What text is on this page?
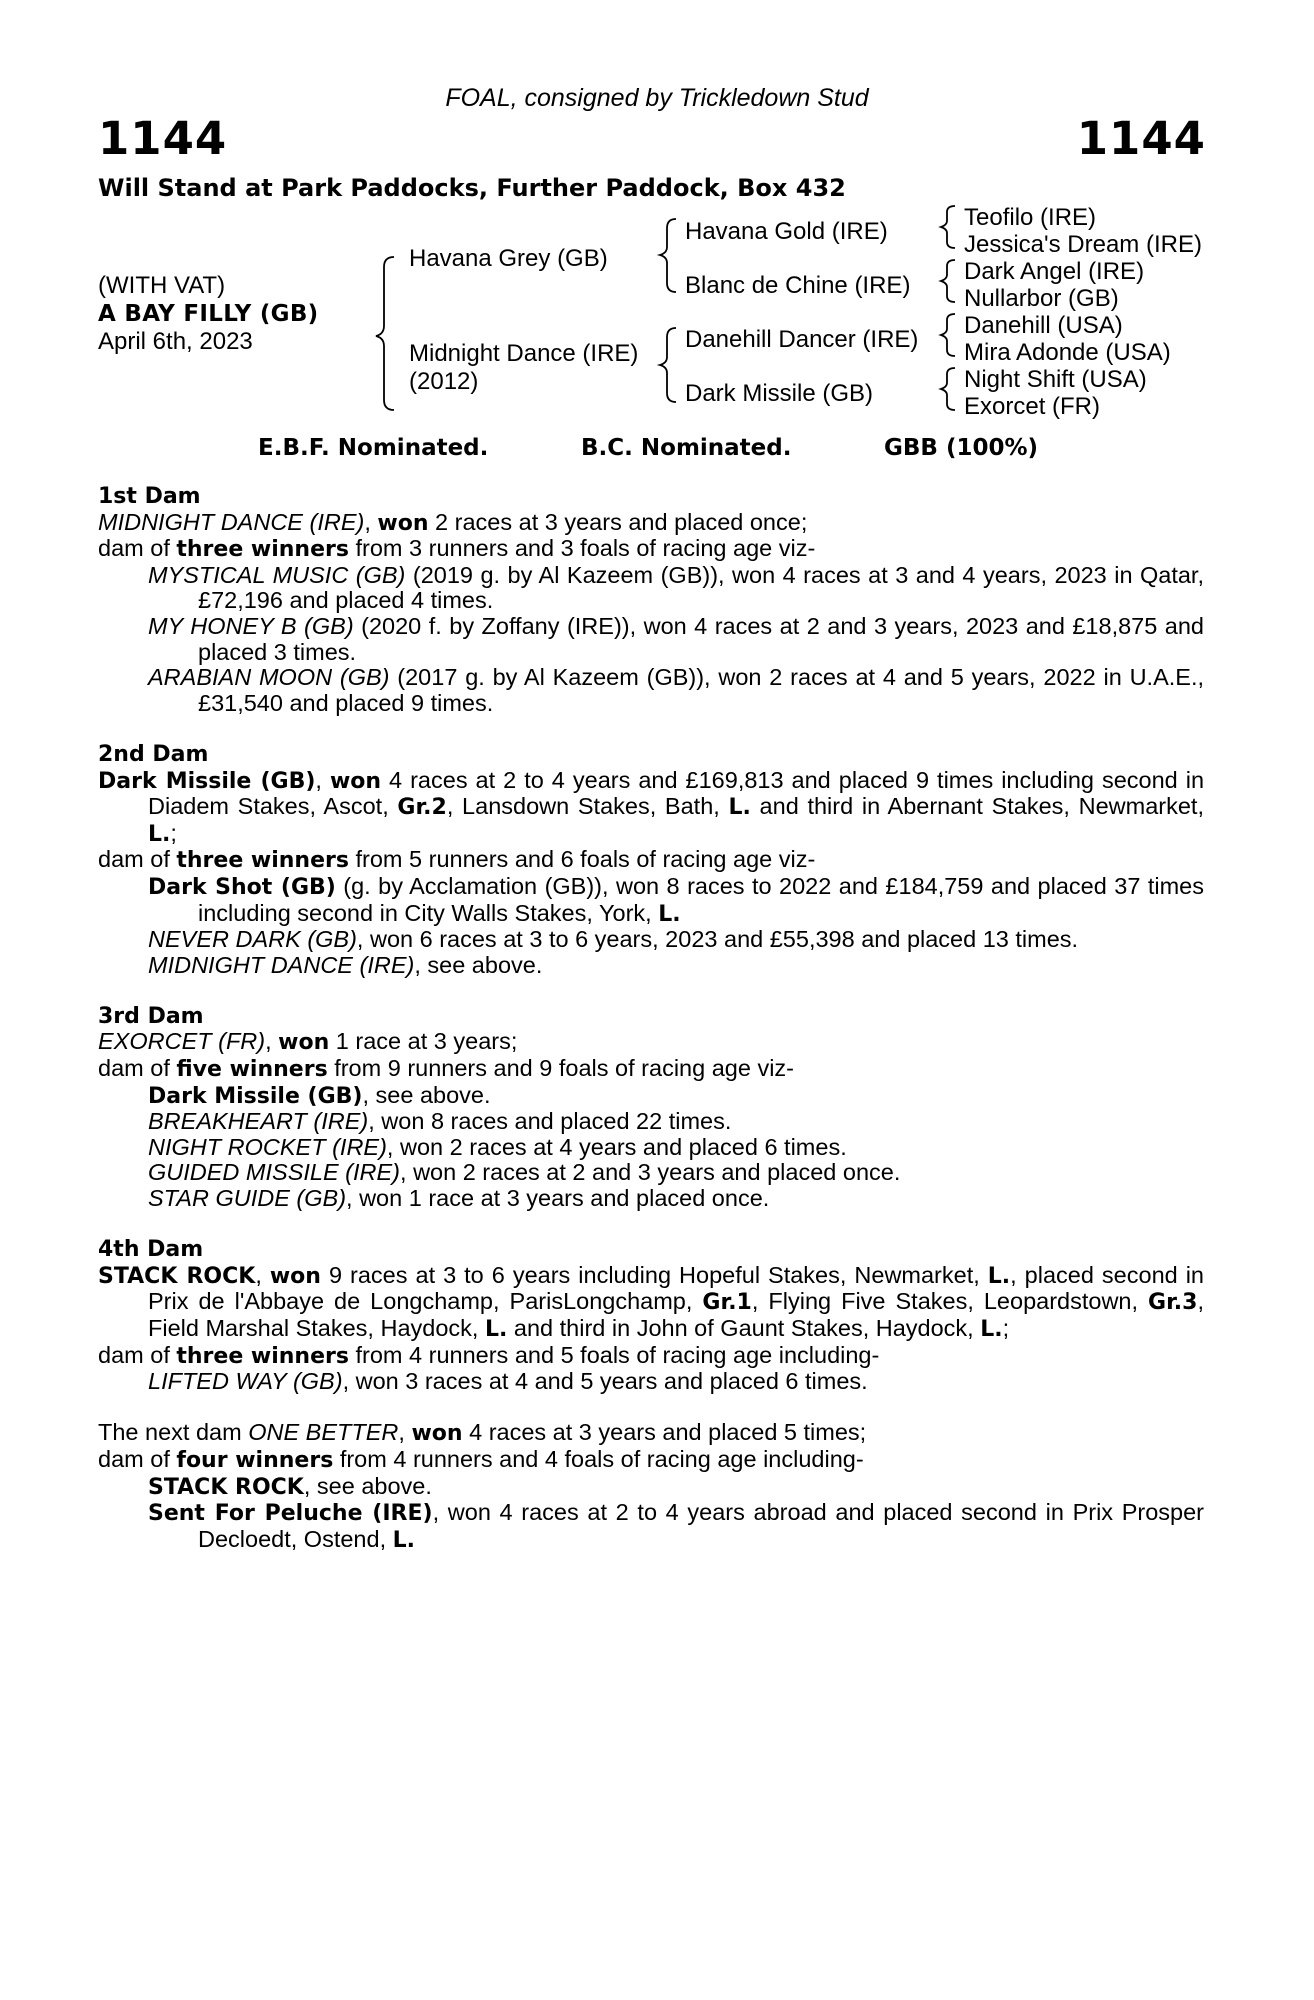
FOAL, consigned by Trickledown Stud
1144	1144
Will Stand at Park Paddocks, Further Paddock, Box 432
(WITH VAT)
A BAY FILLY (GB)
April 6th, 2023
Havana Grey (GB)
Midnight Dance (IRE)
(2012)
Havana Gold (IRE)
Blanc de Chine (IRE)
Danehill Dancer (IRE)
Dark Missile (GB)
Teofilo (IRE)
Jessica's Dream (IRE)
Dark Angel (IRE)
Nullarbor (GB)
Danehill (USA)
Mira Adonde (USA)
Night Shift (USA)
Exorcet (FR)
E.B.F. Nominated.	B.C. Nominated.	GBB (100%)
1st Dam
MIDNIGHT DANCE (IRE), won 2 races at 3 years and placed once;
dam of three winners from 3 runners and 3 foals of racing age viz-
MYSTICAL MUSIC (GB) (2019 g. by Al Kazeem (GB)), won 4 races at 3 and 4 years, 2023 in Qatar, £72,196 and placed 4 times.
MY HONEY B (GB) (2020 f. by Zoffany (IRE)), won 4 races at 2 and 3 years, 2023 and £18,875 and placed 3 times.
ARABIAN MOON (GB) (2017 g. by Al Kazeem (GB)), won 2 races at 4 and 5 years, 2022 in U.A.E., £31,540 and placed 9 times.
2nd Dam
Dark Missile (GB), won 4 races at 2 to 4 years and £169,813 and placed 9 times including second in Diadem Stakes, Ascot, Gr.2, Lansdown Stakes, Bath, L. and third in Abernant Stakes, Newmarket, L.;
dam of three winners from 5 runners and 6 foals of racing age viz-
Dark Shot (GB) (g. by Acclamation (GB)), won 8 races to 2022 and £184,759 and placed 37 times including second in City Walls Stakes, York, L.
NEVER DARK (GB), won 6 races at 3 to 6 years, 2023 and £55,398 and placed 13 times.
MIDNIGHT DANCE (IRE), see above.
3rd Dam
EXORCET (FR), won 1 race at 3 years;
dam of five winners from 9 runners and 9 foals of racing age viz-
Dark Missile (GB), see above.
BREAKHEART (IRE), won 8 races and placed 22 times.
NIGHT ROCKET (IRE), won 2 races at 4 years and placed 6 times.
GUIDED MISSILE (IRE), won 2 races at 2 and 3 years and placed once.
STAR GUIDE (GB), won 1 race at 3 years and placed once.
4th Dam
STACK ROCK, won 9 races at 3 to 6 years including Hopeful Stakes, Newmarket, L., placed second in Prix de l'Abbaye de Longchamp, ParisLongchamp, Gr.1, Flying Five Stakes, Leopardstown, Gr.3, Field Marshal Stakes, Haydock, L. and third in John of Gaunt Stakes, Haydock, L.;
dam of three winners from 4 runners and 5 foals of racing age including-
LIFTED WAY (GB), won 3 races at 4 and 5 years and placed 6 times.
The next dam ONE BETTER, won 4 races at 3 years and placed 5 times;
dam of four winners from 4 runners and 4 foals of racing age including-
STACK ROCK, see above.
Sent For Peluche (IRE), won 4 races at 2 to 4 years abroad and placed second in Prix Prosper Decloedt, Ostend, L.
